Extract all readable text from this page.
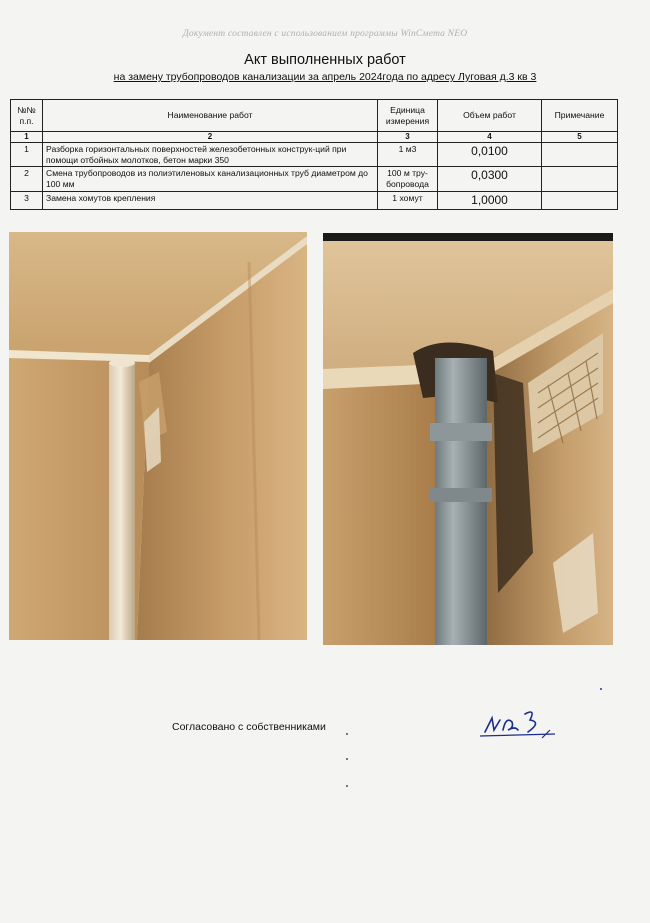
Документ составлен с использованием программы WinСмета NEO
Акт выполненных работ
на замену трубопроводов канализации за апрель 2024года по адресу Луговая д.3 кв 3
№№ п.п.	Наименование работ	Единица измерения	Объем работ	Примечание
1	2	3	4	5
1	Разборка горизонтальных поверхностей железобетонных конструк-ций при помощи отбойных молотков, бетон марки 350	1 м3	0,0100	
2	Смена трубопроводов из полиэтиленовых канализационных труб диаметром до 100 мм	100 м тру-бопровода	0,0300	
3	Замена хомутов крепления	1 хомут	1,0000	
Согласовано с собственниками
